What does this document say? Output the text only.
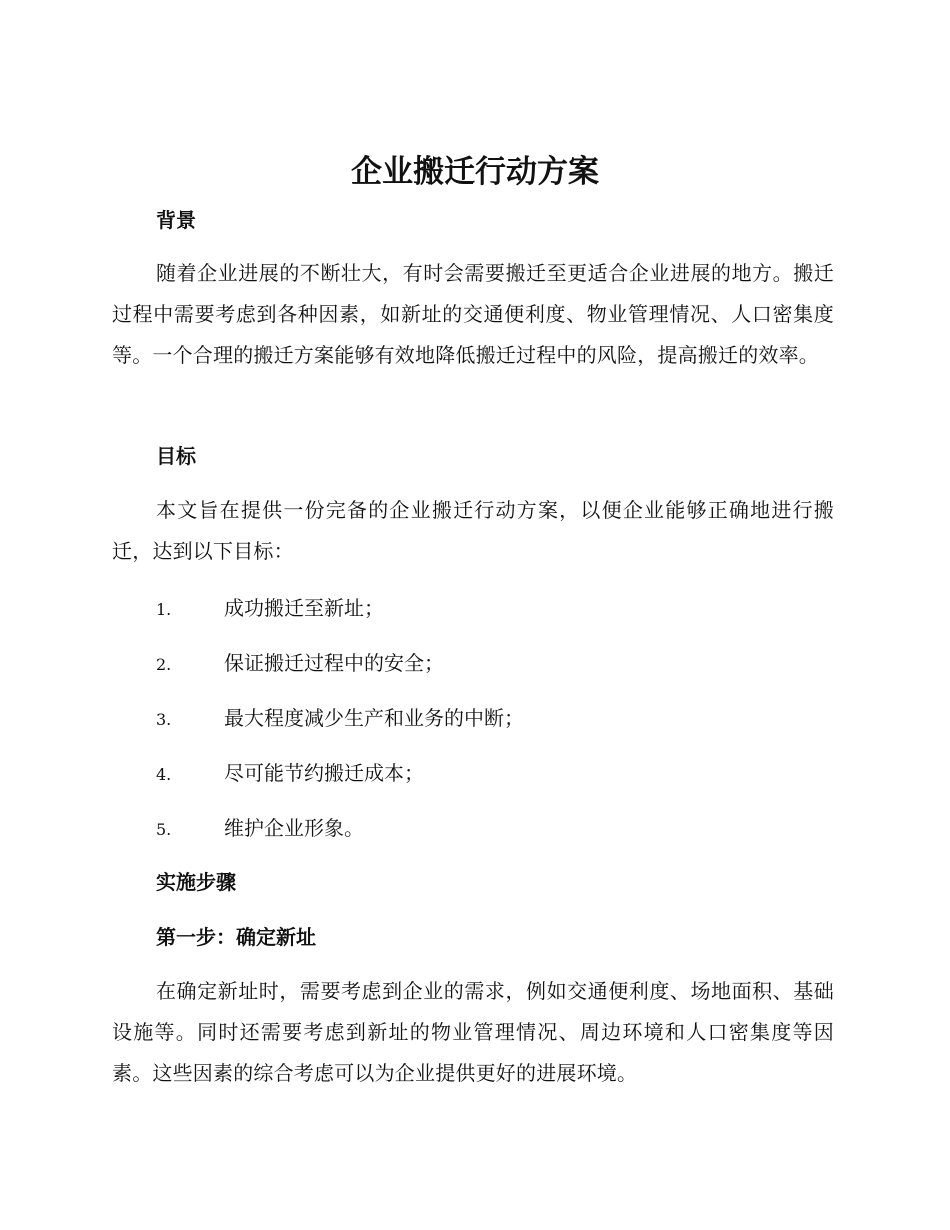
企业搬迁行动方案
背景

随着企业进展的不断壮大，有时会需要搬迁至更适合企业进展的地方。搬迁过程中需要考虑到各种因素，如新址的交通便利度、物业管理情况、人口密集度等。一个合理的搬迁方案能够有效地降低搬迁过程中的风险，提高搬迁的效率。

目标

本文旨在提供一份完备的企业搬迁行动方案，以便企业能够正确地进行搬迁，达到以下目标：

1.	成功搬迁至新址；
2.	保证搬迁过程中的安全；
3.	最大程度减少生产和业务的中断；
4.	尽可能节约搬迁成本；
5.	维护企业形象。
实施步骤
第一步：确定新址

在确定新址时，需要考虑到企业的需求，例如交通便利度、场地面积、基础设施等。同时还需要考虑到新址的物业管理情况、周边环境和人口密集度等因素。这些因素的综合考虑可以为企业提供更好的进展环境。
